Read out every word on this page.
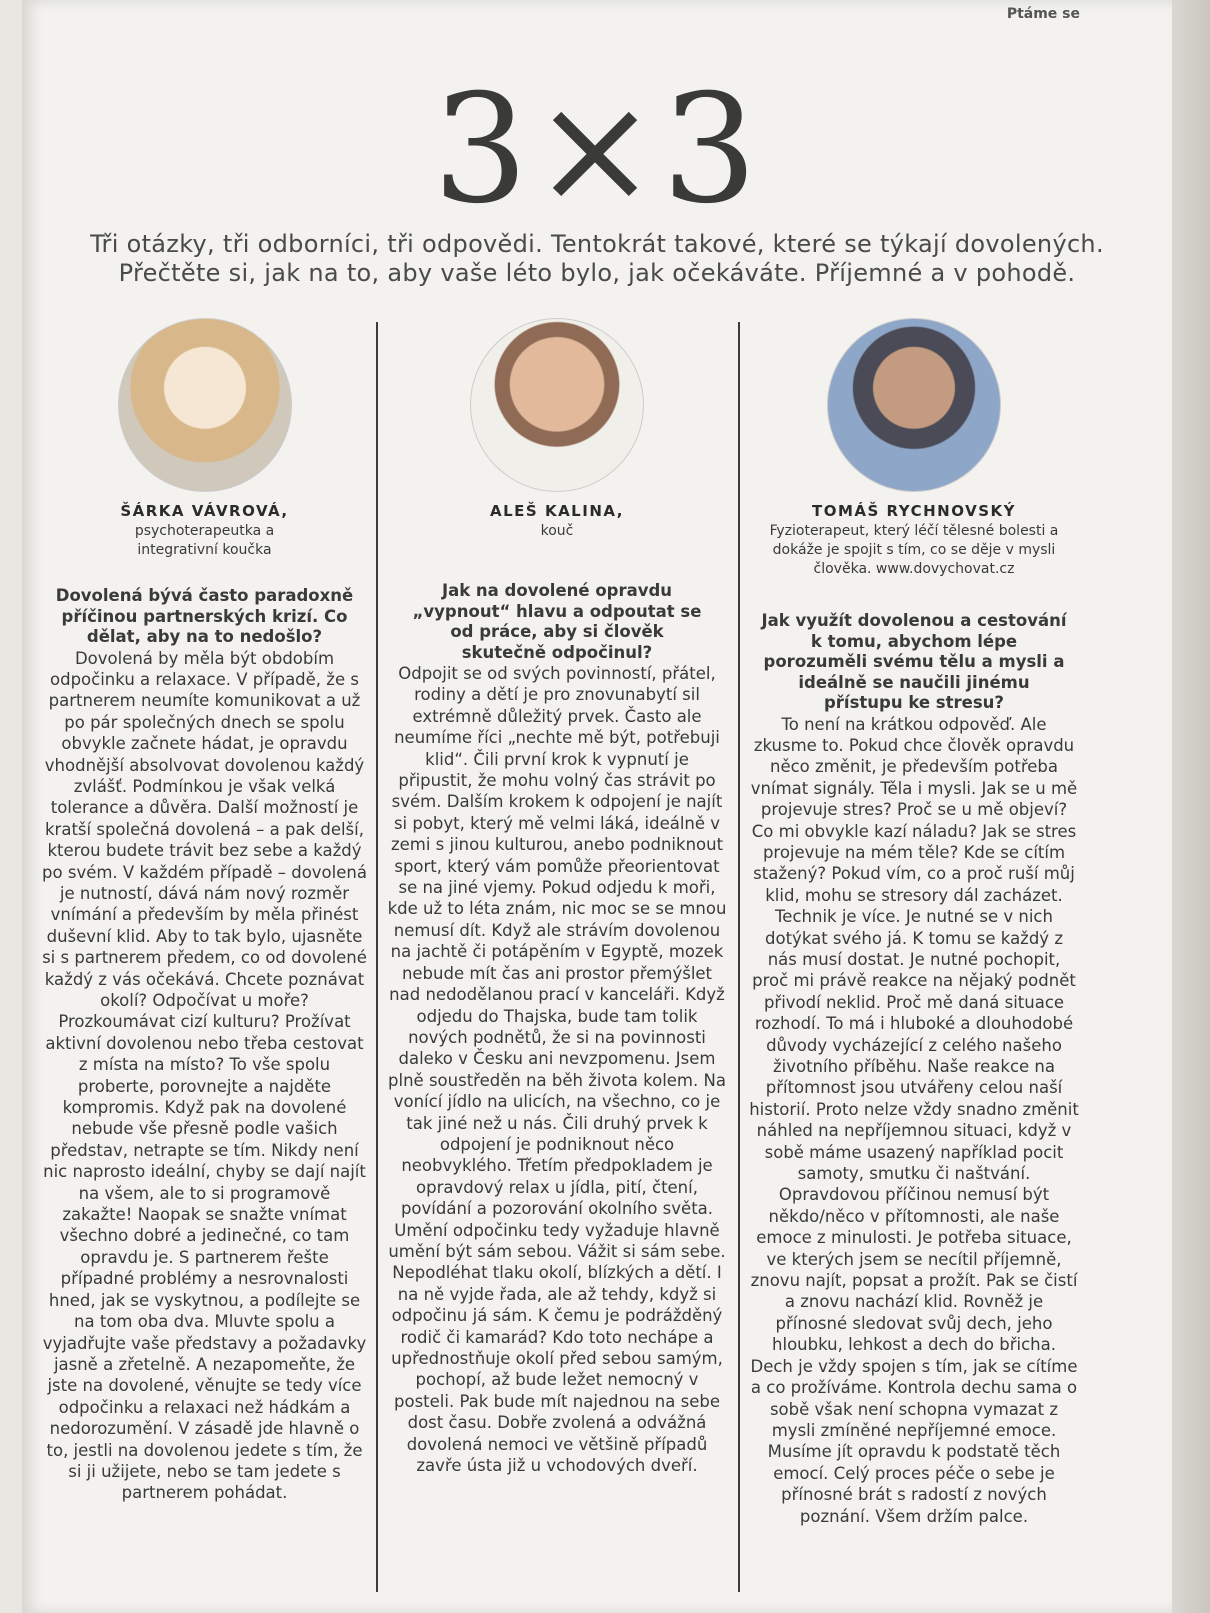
Ptáme se
3×3
Tři otázky, tři odborníci, tři odpovědi. Tentokrát takové, které se týkají dovolených. Přečtěte si, jak na to, aby vaše léto bylo, jak očekáváte. Příjemné a v pohodě.
ŠÁRKA VÁVROVÁ,
psychoterapeutka a integrativní koučka
Dovolená bývá často paradoxně příčinou partnerských krizí. Co dělat, aby na to nedošlo?
Dovolená by měla být obdobím odpočinku a relaxace. V případě, že s partnerem neumíte komunikovat a už po pár společných dnech se spolu obvykle začnete hádat, je opravdu vhodnější absolvovat dovolenou každý zvlášť. Podmínkou je však velká tolerance a důvěra. Další možností je kratší společná dovolená – a pak delší, kterou budete trávit bez sebe a každý po svém. V každém případě – dovolená je nutností, dává nám nový rozměr vnímání a především by měla přinést duševní klid. Aby to tak bylo, ujasněte si s partnerem předem, co od dovolené každý z vás očekává. Chcete poznávat okolí? Odpočívat u moře? Prozkoumávat cizí kulturu? Prožívat aktivní dovolenou nebo třeba cestovat z místa na místo? To vše spolu proberte, porovnejte a najděte kompromis. Když pak na dovolené nebude vše přesně podle vašich představ, netrapte se tím. Nikdy není nic naprosto ideální, chyby se dají najít na všem, ale to si programově zakažte! Naopak se snažte vnímat všechno dobré a jedinečné, co tam opravdu je. S partnerem řešte případné problémy a nesrovnalosti hned, jak se vyskytnou, a podílejte se na tom oba dva. Mluvte spolu a vyjadřujte vaše představy a požadavky jasně a zřetelně. A nezapomeňte, že jste na dovolené, věnujte se tedy více odpočinku a relaxaci než hádkám a nedorozumění. V zásadě jde hlavně o to, jestli na dovolenou jedete s tím, že si ji užijete, nebo se tam jedete s partnerem pohádat.
ALEŠ KALINA,
kouč
Jak na dovolené opravdu „vypnout“ hlavu a odpoutat se od práce, aby si člověk skutečně odpočinul?
Odpojit se od svých povinností, přátel, rodiny a dětí je pro znovunabytí sil extrémně důležitý prvek. Často ale neumíme říci „nechte mě být, potřebuji klid“. Čili první krok k vypnutí je připustit, že mohu volný čas strávit po svém. Dalším krokem k odpojení je najít si pobyt, který mě velmi láká, ideálně v zemi s jinou kulturou, anebo podniknout sport, který vám pomůže přeorientovat se na jiné vjemy. Pokud odjedu k moři, kde už to léta znám, nic moc se se mnou nemusí dít. Když ale strávím dovolenou na jachtě či potápěním v Egyptě, mozek nebude mít čas ani prostor přemýšlet nad nedodělanou prací v kanceláři. Když odjedu do Thajska, bude tam tolik nových podnětů, že si na povinnosti daleko v Česku ani nevzpomenu. Jsem plně soustředěn na běh života kolem. Na vonící jídlo na ulicích, na všechno, co je tak jiné než u nás. Čili druhý prvek k odpojení je podniknout něco neobvyklého. Třetím předpokladem je opravdový relax u jídla, pití, čtení, povídání a pozorování okolního světa. Umění odpočinku tedy vyžaduje hlavně umění být sám sebou. Vážit si sám sebe. Nepodléhat tlaku okolí, blízkých a dětí. I na ně vyjde řada, ale až tehdy, když si odpočinu já sám. K čemu je podrážděný rodič či kamarád? Kdo toto nechápe a upřednostňuje okolí před sebou samým, pochopí, až bude ležet nemocný v posteli. Pak bude mít najednou na sebe dost času. Dobře zvolená a odvážná dovolená nemoci ve většině případů zavře ústa již u vchodových dveří.
TOMÁŠ RYCHNOVSKÝ
Fyzioterapeut, který léčí tělesné bolesti a dokáže je spojit s tím, co se děje v mysli člověka. www.dovychovat.cz
Jak využít dovolenou a cestování k tomu, abychom lépe porozuměli svému tělu a mysli a ideálně se naučili jinému přístupu ke stresu?
To není na krátkou odpověď. Ale zkusme to. Pokud chce člověk opravdu něco změnit, je především potřeba vnímat signály. Těla i mysli. Jak se u mě projevuje stres? Proč se u mě objeví? Co mi obvykle kazí náladu? Jak se stres projevuje na mém těle? Kde se cítím stažený? Pokud vím, co a proč ruší můj klid, mohu se stresory dál zacházet. Technik je více. Je nutné se v nich dotýkat svého já. K tomu se každý z nás musí dostat. Je nutné pochopit, proč mi právě reakce na nějaký podnět přivodí neklid. Proč mě daná situace rozhodí. To má i hluboké a dlouhodobé důvody vycházející z celého našeho životního příběhu. Naše reakce na přítomnost jsou utvářeny celou naší historií. Proto nelze vždy snadno změnit náhled na nepříjemnou situaci, když v sobě máme usazený například pocit samoty, smutku či naštvání. Opravdovou příčinou nemusí být někdo/něco v přítomnosti, ale naše emoce z minulosti. Je potřeba situace, ve kterých jsem se necítil příjemně, znovu najít, popsat a prožít. Pak se čistí a znovu nachází klid. Rovněž je přínosné sledovat svůj dech, jeho hloubku, lehkost a dech do břicha. Dech je vždy spojen s tím, jak se cítíme a co prožíváme. Kontrola dechu sama o sobě však není schopna vymazat z mysli zmíněné nepříjemné emoce. Musíme jít opravdu k podstatě těch emocí. Celý proces péče o sebe je přínosné brát s radostí z nových poznání. Všem držím palce.
